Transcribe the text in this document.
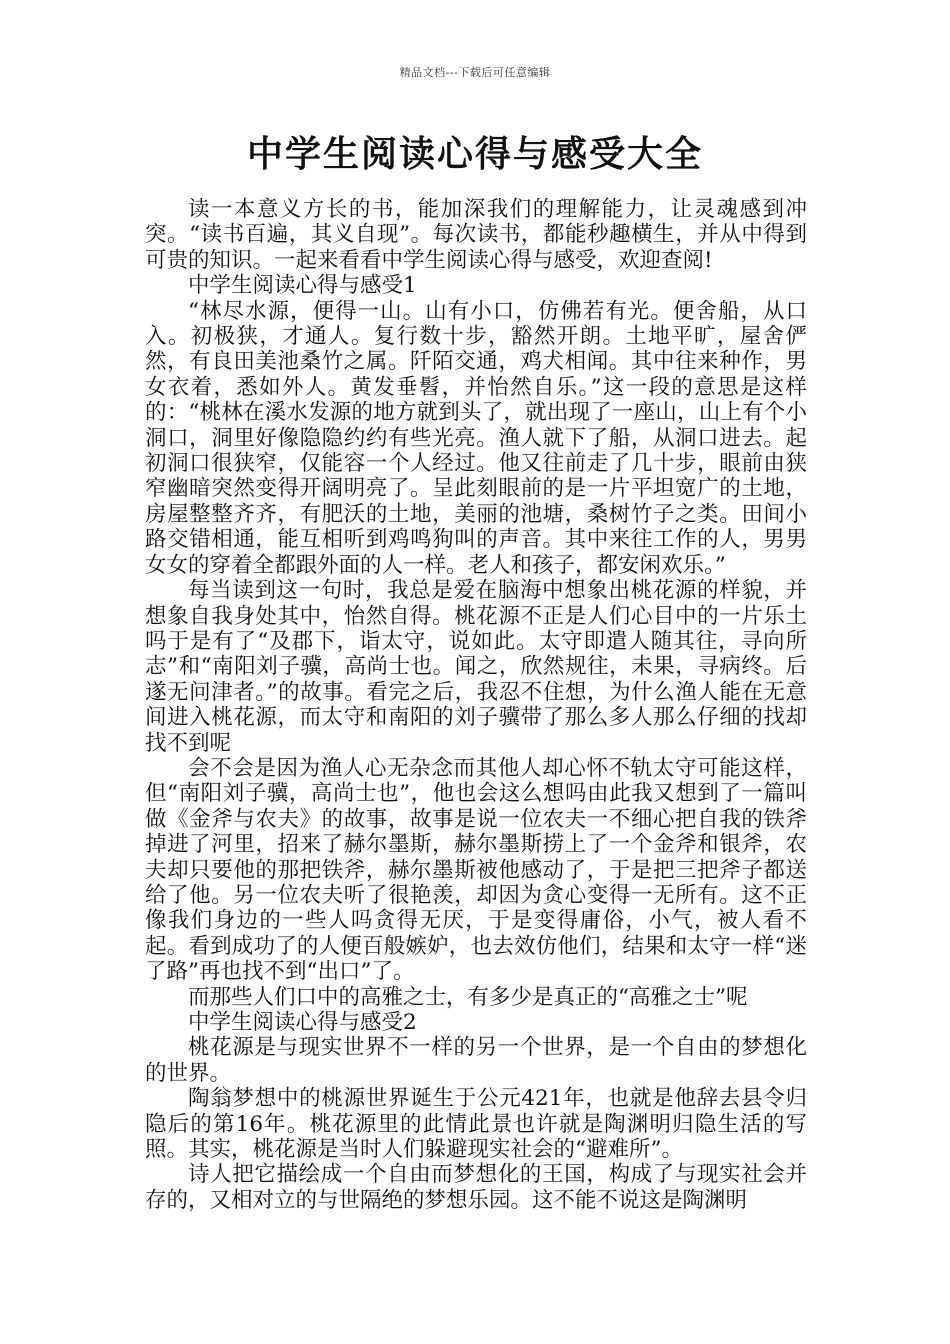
精品文档---下载后可任意编辑
中学生阅读心得与感受大全

读一本意义方长的书，能加深我们的理解能力，让灵魂感到冲突。“读书百遍，其义自现”。每次读书，都能秒趣横生，并从中得到可贵的知识。一起来看看中学生阅读心得与感受，欢迎查阅!

中学生阅读心得与感受1

“林尽水源，便得一山。山有小口，仿佛若有光。便舍船，从口入。初极狭，才通人。复行数十步，豁然开朗。土地平旷，屋舍俨然，有良田美池桑竹之属。阡陌交通，鸡犬相闻。其中往来种作，男女衣着，悉如外人。黄发垂髫，并怡然自乐。”这一段的意思是这样的：“桃林在溪水发源的地方就到头了，就出现了一座山，山上有个小洞口，洞里好像隐隐约约有些光亮。渔人就下了船，从洞口进去。起初洞口很狭窄，仅能容一个人经过。他又往前走了几十步，眼前由狭窄幽暗突然变得开阔明亮了。呈此刻眼前的是一片平坦宽广的土地，房屋整整齐齐，有肥沃的土地，美丽的池塘，桑树竹子之类。田间小路交错相通，能互相听到鸡鸣狗叫的声音。其中来往工作的人，男男女女的穿着全都跟外面的人一样。老人和孩子，都安闲欢乐。”

每当读到这一句时，我总是爱在脑海中想象出桃花源的样貌，并想象自我身处其中，怡然自得。桃花源不正是人们心目中的一片乐土吗于是有了“及郡下，诣太守，说如此。太守即遣人随其往，寻向所志”和“南阳刘子骥，高尚士也。闻之，欣然规往，未果，寻病终。后遂无问津者。”的故事。看完之后，我忍不住想，为什么渔人能在无意间进入桃花源，而太守和南阳的刘子骥带了那么多人那么仔细的找却找不到呢

会不会是因为渔人心无杂念而其他人却心怀不轨太守可能这样，但“南阳刘子骥，高尚士也”，他也会这么想吗由此我又想到了一篇叫做《金斧与农夫》的故事，故事是说一位农夫一不细心把自我的铁斧掉进了河里，招来了赫尔墨斯，赫尔墨斯捞上了一个金斧和银斧，农夫却只要他的那把铁斧，赫尔墨斯被他感动了，于是把三把斧子都送给了他。另一位农夫听了很艳羡，却因为贪心变得一无所有。这不正像我们身边的一些人吗贪得无厌，于是变得庸俗，小气，被人看不起。看到成功了的人便百般嫉妒，也去效仿他们，结果和太守一样“迷了路”再也找不到“出口”了。

而那些人们口中的高雅之士，有多少是真正的“高雅之士”呢

中学生阅读心得与感受2

桃花源是与现实世界不一样的另一个世界，是一个自由的梦想化的世界。

陶翁梦想中的桃源世界诞生于公元421年，也就是他辞去县令归隐后的第16年。桃花源里的此情此景也许就是陶渊明归隐生活的写照。其实，桃花源是当时人们躲避现实社会的“避难所”。

诗人把它描绘成一个自由而梦想化的王国，构成了与现实社会并存的，又相对立的与世隔绝的梦想乐园。这不能不说这是陶渊明
